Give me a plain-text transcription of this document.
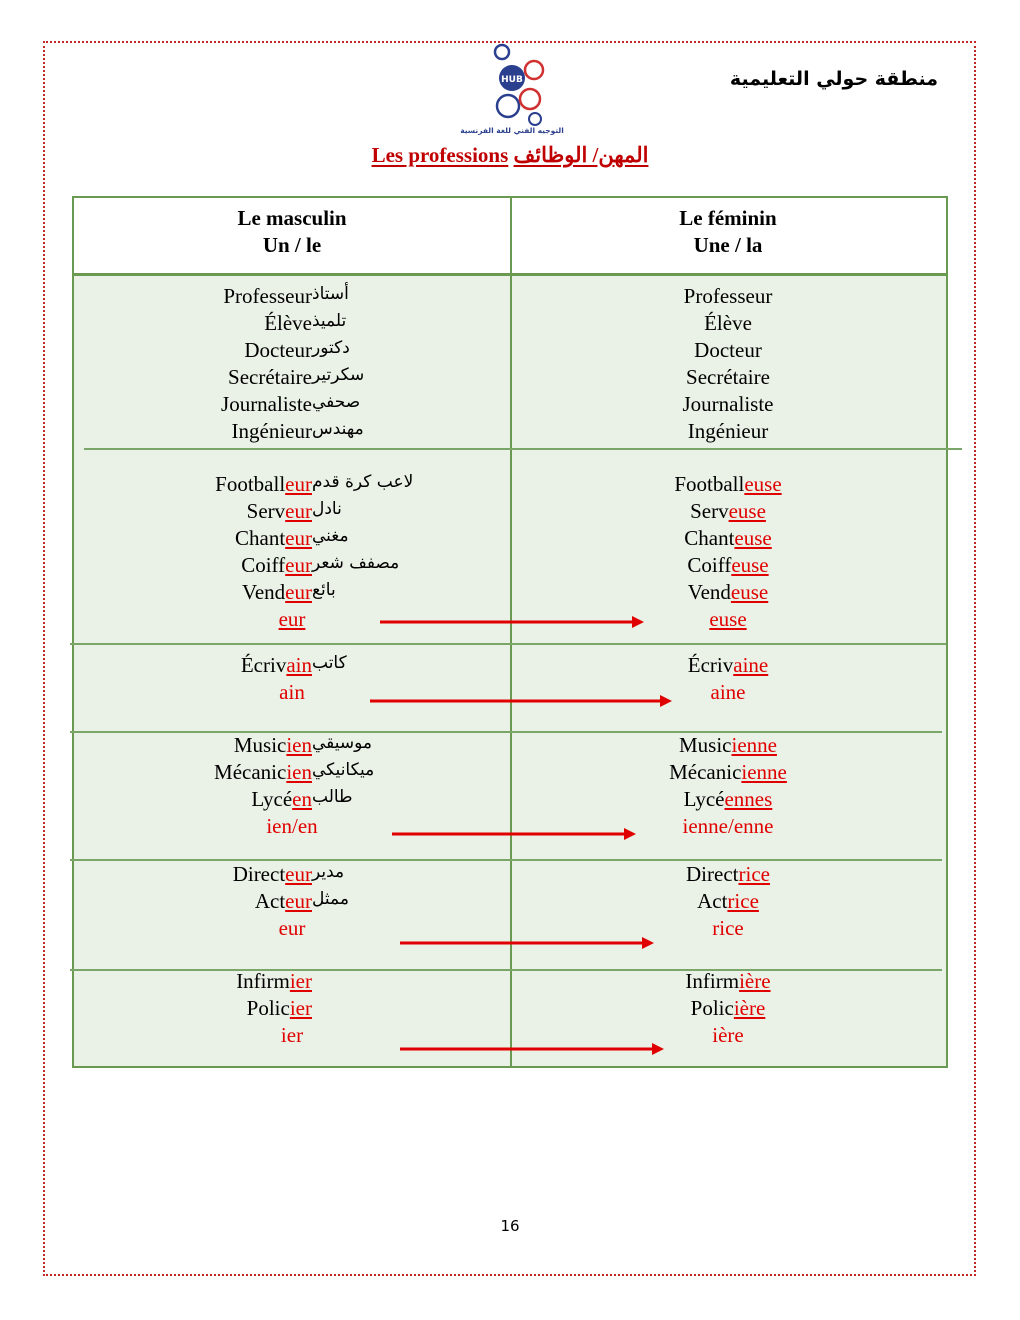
HUB
التوجيه الفني للغة الفرنسية
منطقة حولي التعليمية
Les professions المهن/ الوظائف
Le masculin
Un / le
Le féminin
Une / la
Professeur أستاذ
Élève تلميذ
Docteur دكتور
Secrétaire سكرتير
Journaliste صحفي
Ingénieur مهندس
Professeur
Élève
Docteur
Secrétaire
Journaliste
Ingénieur
Footballeur لاعب كرة قدم
Serveur نادل
Chanteur مغني
Coiffeur مصفف شعر
Vendeur بائع
eur
Footballeuse
Serveuse
Chanteuse
Coiffeuse
Vendeuse
euse
Écrivain كاتب
ain
Écrivaine
aine
Musicien موسيقي
Mécanicien ميكانيكي
Lycéen طالب
ien/en
Musicienne
Mécanicienne
Lycéennes
ienne/enne
Directeur مدير
Acteur ممثل
eur
Directrice
Actrice
rice
Infirmier
Policier
ier
Infirmière
Policière
ière
16
